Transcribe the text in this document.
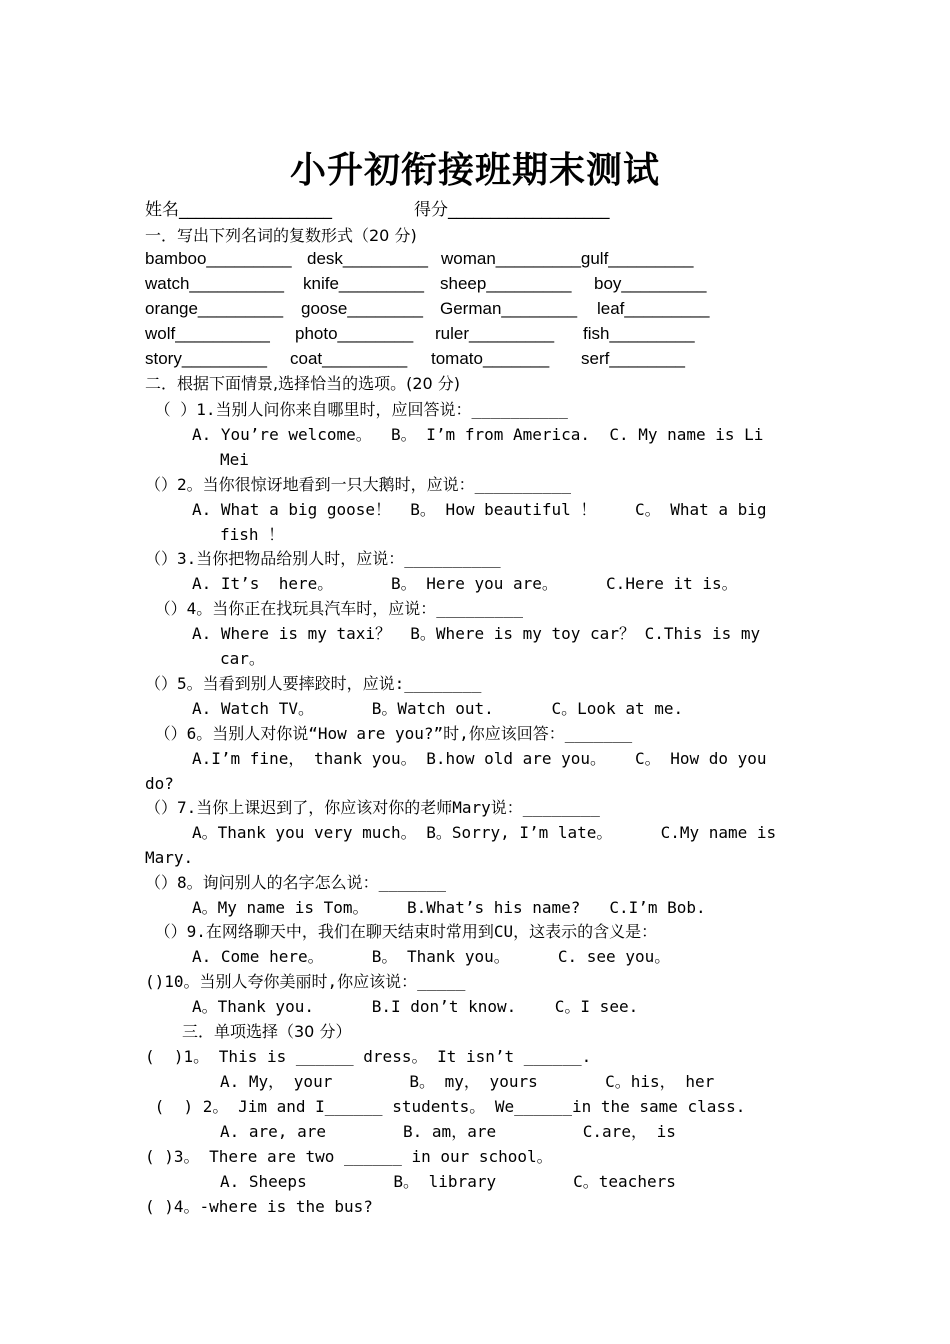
小升初衔接班期末测试
姓名__________________	得分___________________
一．写出下列名词的复数形式（20 分)
bamboo_________ desk_________ woman_________gulf_________
watch__________ knife_________ sheep_________ boy_________
orange_________ goose________ German________ leaf_________
wolf__________ photo________ ruler_________ fish_________
story_________ coat_________ tomato_______ serf________
二．根据下面情景,选择恰当的选项。(20 分)
（ ）1.当别人问你来自哪里时，应回答说：__________
A. You’re welcome。  B。 I’m from America.  C. My name is Li
Mei
（）2。当你很惊讶地看到一只大鹅时，应说：__________
A. What a big goose！  B。 How beautiful ！    C。 What a big
fish ！
（）3.当你把物品给别人时，应说：__________
A. It’s  here。      B。 Here you are。     C.Here it is。
（）4。当你正在找玩具汽车时，应说：_________
A. Where is my taxi？  B。Where is my toy car？ C.This is my
car。
（）5。当看到别人要摔跤时，应说:________
A. Watch TV。      B。Watch out.      C。Look at me.
（）6。当别人对你说“How are you?”时,你应该回答：_______
A.I’m fine， thank you。 B.how old are you。   C。 How do you
do?
（）7.当你上课迟到了，你应该对你的老师Mary说：________
A。Thank you very much。 B。Sorry, I’m late。     C.My name is
Mary.
（）8。询问别人的名字怎么说：_______
A。My name is Tom。    B.What’s his name?   C.I’m Bob.
（）9.在网络聊天中，我们在聊天结束时常用到CU，这表示的含义是：
A. Come here。     B。 Thank you。     C. see you。
()10。当别人夸你美丽时,你应该说：_____
A。Thank you.      B.I don’t know.    C。I see.
三．单项选择（30 分）
(  )1。 This is ______ dress。 It isn’t ______.
A. My， your        B。 my， yours       C。his， her
(  ) 2。 Jim and I______ students。 We______in the same class.
A. are, are        B. am，are         C.are， is
( )3。 There are two ______ in our school。
A. Sheeps         B。 library        C。teachers
( )4。-where is the bus?
